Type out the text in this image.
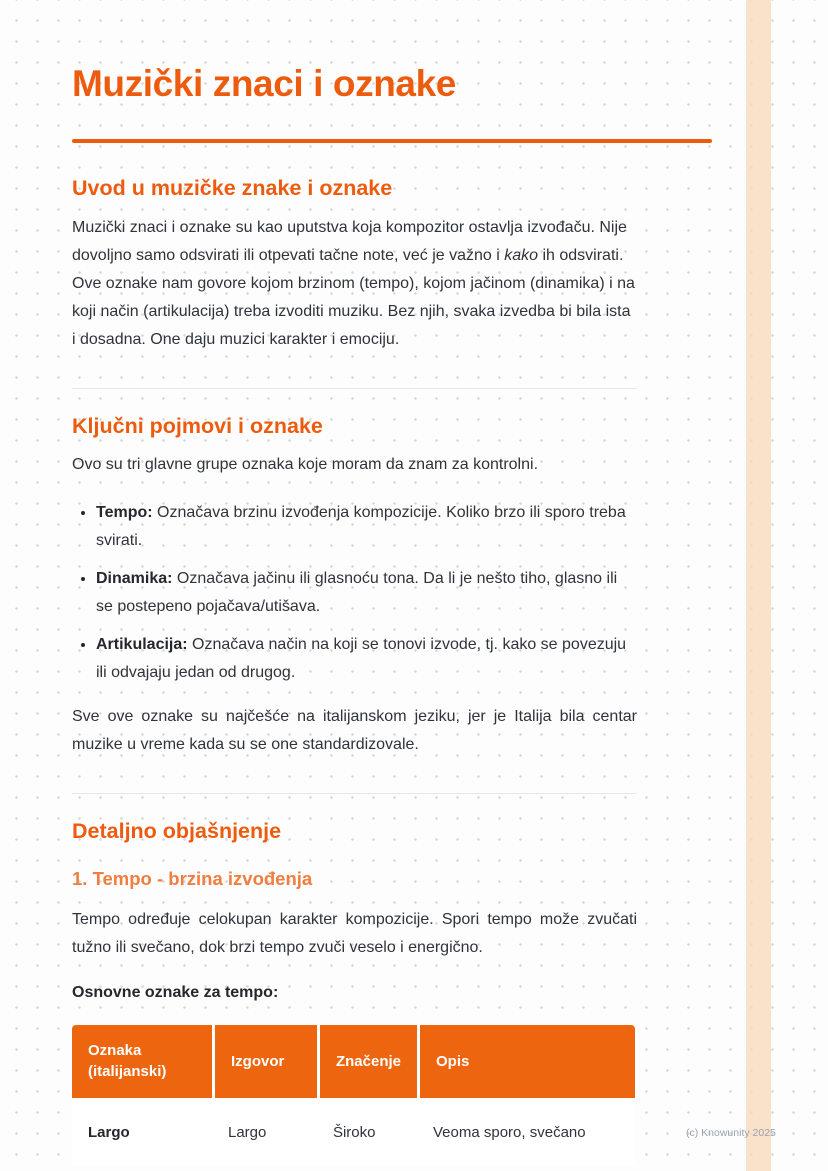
Muzički znaci i oznake
Uvod u muzičke znake i oznake

Muzički znaci i oznake su kao uputstva koja kompozitor ostavlja izvođaču. Nije dovoljno samo odsvirati ili otpevati tačne note, već je važno i kako ih odsvirati. Ove oznake nam govore kojom brzinom (tempo), kojom jačinom (dinamika) i na koji način (artikulacija) treba izvoditi muziku. Bez njih, svaka izvedba bi bila ista i dosadna. One daju muzici karakter i emociju.

Ključni pojmovi i oznake

Ovo su tri glavne grupe oznaka koje moram da znam za kontrolni.

• Tempo: Označava brzinu izvođenja kompozicije. Koliko brzo ili sporo treba svirati.
• Dinamika: Označava jačinu ili glasnoću tona. Da li je nešto tiho, glasno ili se postepeno pojačava/utišava.
• Artikulacija: Označava način na koji se tonovi izvode, tj. kako se povezuju ili odvajaju jedan od drugog.

Sve ove oznake su najčešće na italijanskom jeziku, jer je Italija bila centar muzike u vreme kada su se one standardizovale.

Detaljno objašnjenje
1. Tempo - brzina izvođenja

Tempo određuje celokupan karakter kompozicije. Spori tempo može zvučati tužno ili svečano, dok brzi tempo zvuči veselo i energično.

Osnovne oznake za tempo:

Oznaka (italijanski)	Izgovor	Značenje	Opis
Largo	Largo	Široko	Veoma sporo, svečano	(c) Knowunity 2025
